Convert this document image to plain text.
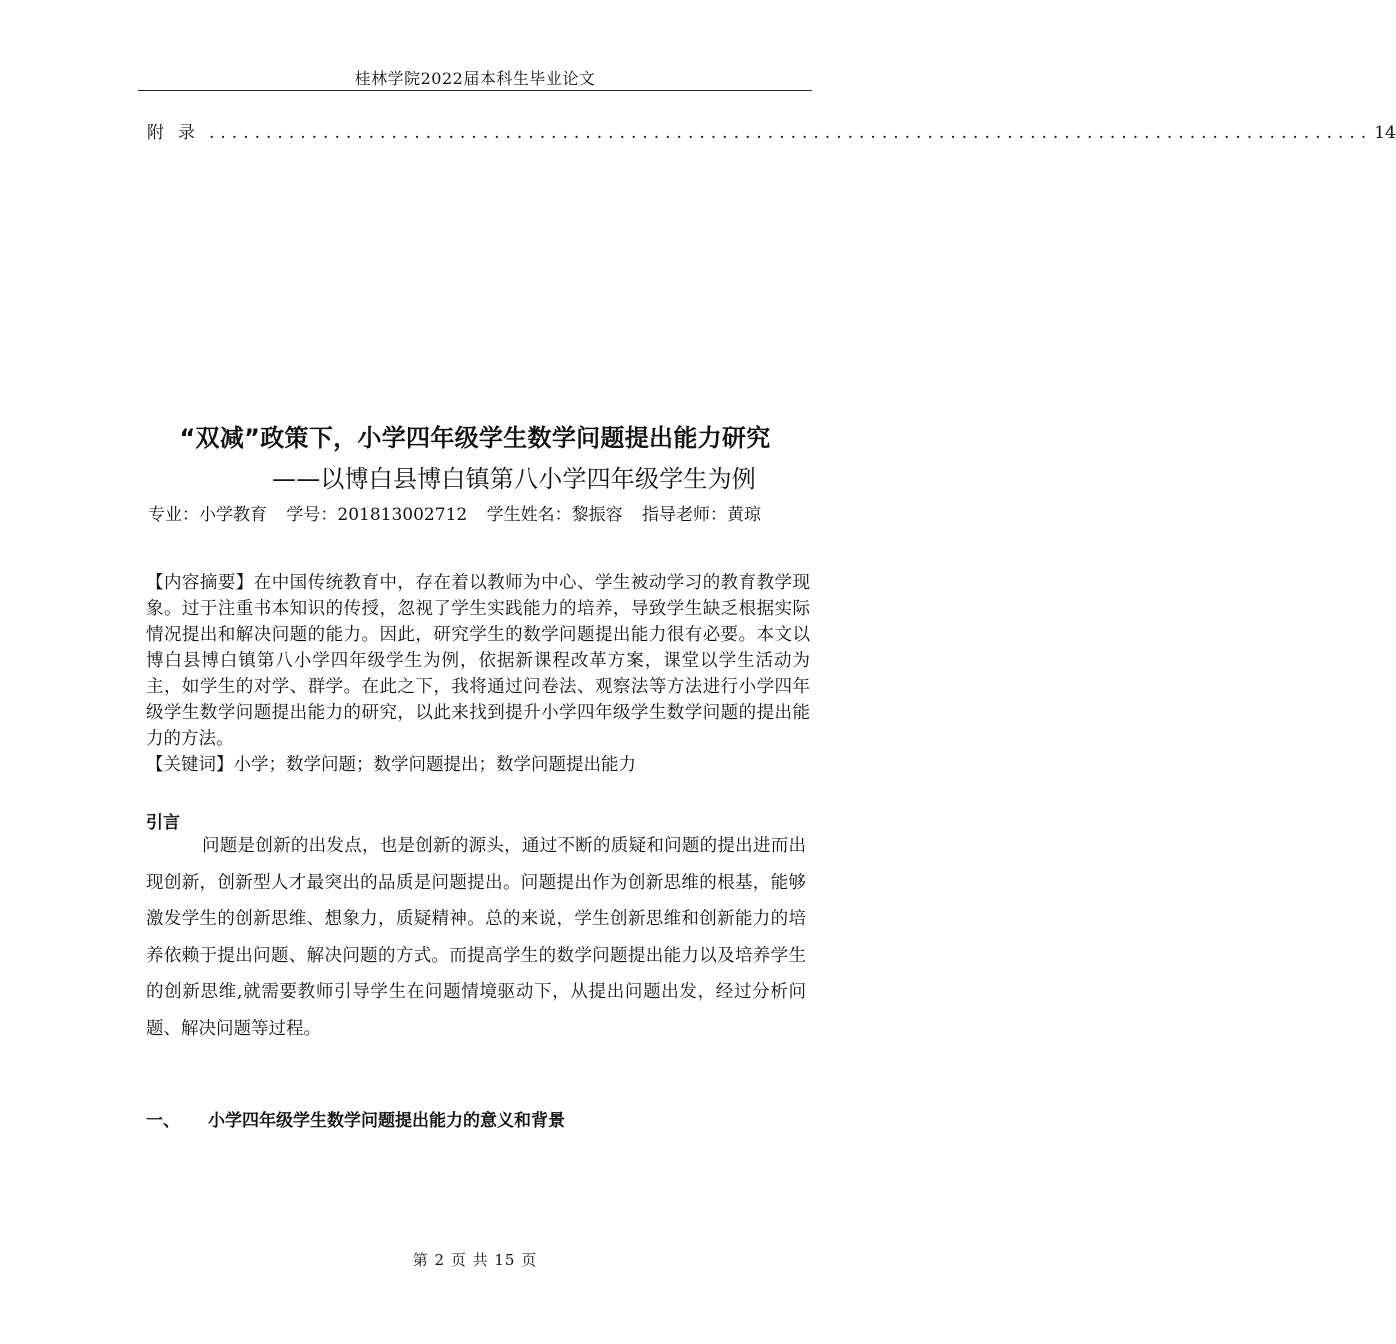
桂林学院2022届本科生毕业论文
附录 ...................................................................................................... 14
“双减”政策下，小学四年级学生数学问题提出能力研究
——以博白县博白镇第八小学四年级学生为例
专业：小学教育 学号：201813002712 学生姓名：黎振容 指导老师：黄琼

【内容摘要】在中国传统教育中，存在着以教师为中心、学生被动学习的教育教学现象。过于注重书本知识的传授，忽视了学生实践能力的培养，导致学生缺乏根据实际情况提出和解决问题的能力。因此，研究学生的数学问题提出能力很有必要。本文以博白县博白镇第八小学四年级学生为例，依据新课程改革方案，课堂以学生活动为主，如学生的对学、群学。在此之下，我将通过问卷法、观察法等方法进行小学四年级学生数学问题提出能力的研究，以此来找到提升小学四年级学生数学问题的提出能力的方法。

【关键词】小学；数学问题；数学问题提出；数学问题提出能力

引言

问题是创新的出发点，也是创新的源头，通过不断的质疑和问题的提出进而出现创新，创新型人才最突出的品质是问题提出。问题提出作为创新思维的根基，能够激发学生的创新思维、想象力，质疑精神。总的来说，学生创新思维和创新能力的培养依赖于提出问题、解决问题的方式。而提高学生的数学问题提出能力以及培养学生的创新思维,就需要教师引导学生在问题情境驱动下，从提出问题出发，经过分析问题、解决问题等过程。

一、 小学四年级学生数学问题提出能力的意义和背景
第 2 页 共 15 页
